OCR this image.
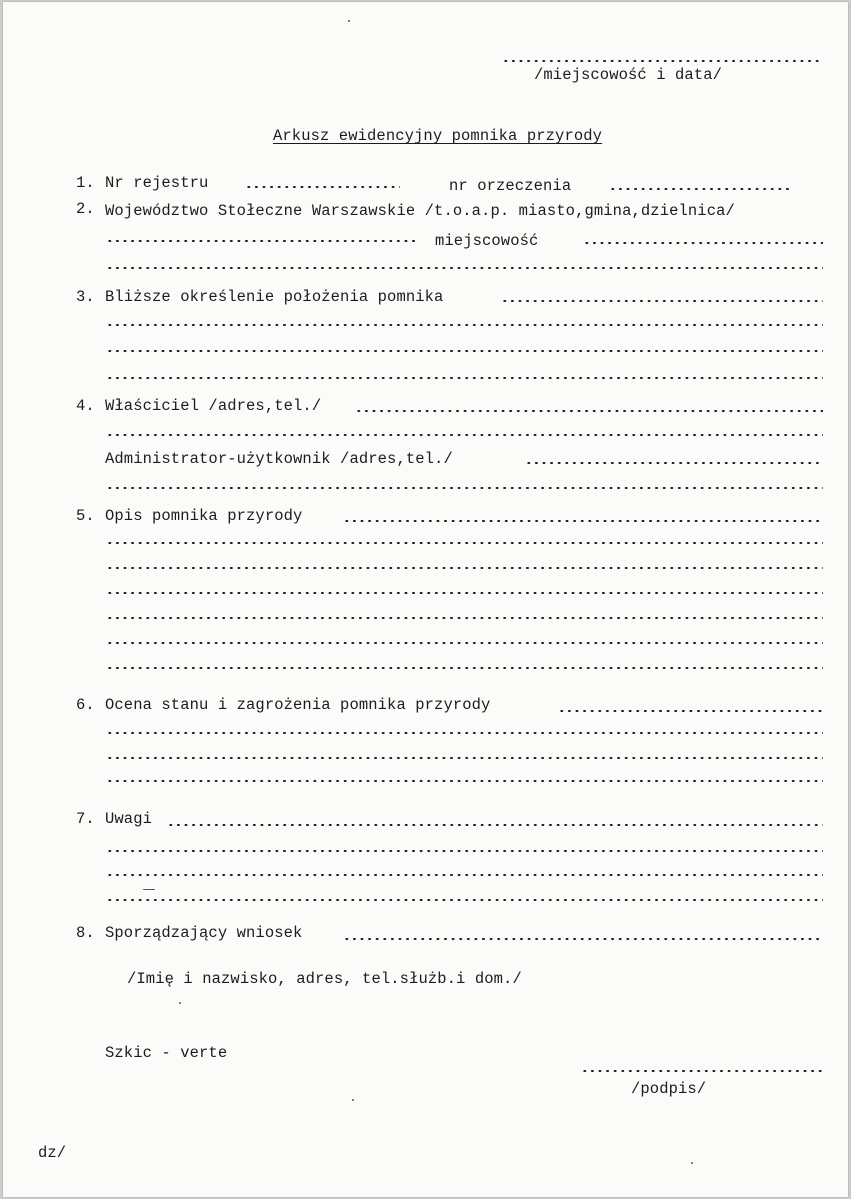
/miejscowość i data/
Arkusz ewidencyjny pomnika przyrody
1. Nr rejestru	nr orzeczenia
2. Województwo Stołeczne Warszawskie /t.o.a.p. miasto,gmina,dzielnica/
miejscowość
3. Bliższe określenie położenia pomnika
4. Właściciel /adres,tel./
Administrator-użytkownik /adres,tel./
5. Opis pomnika przyrody
6. Ocena stanu i zagrożenia pomnika przyrody
7. Uwagi
8. Sporządzający wniosek
/Imię i nazwisko, adres, tel.służb.i dom./
Szkic - verte
/podpis/
dz/
